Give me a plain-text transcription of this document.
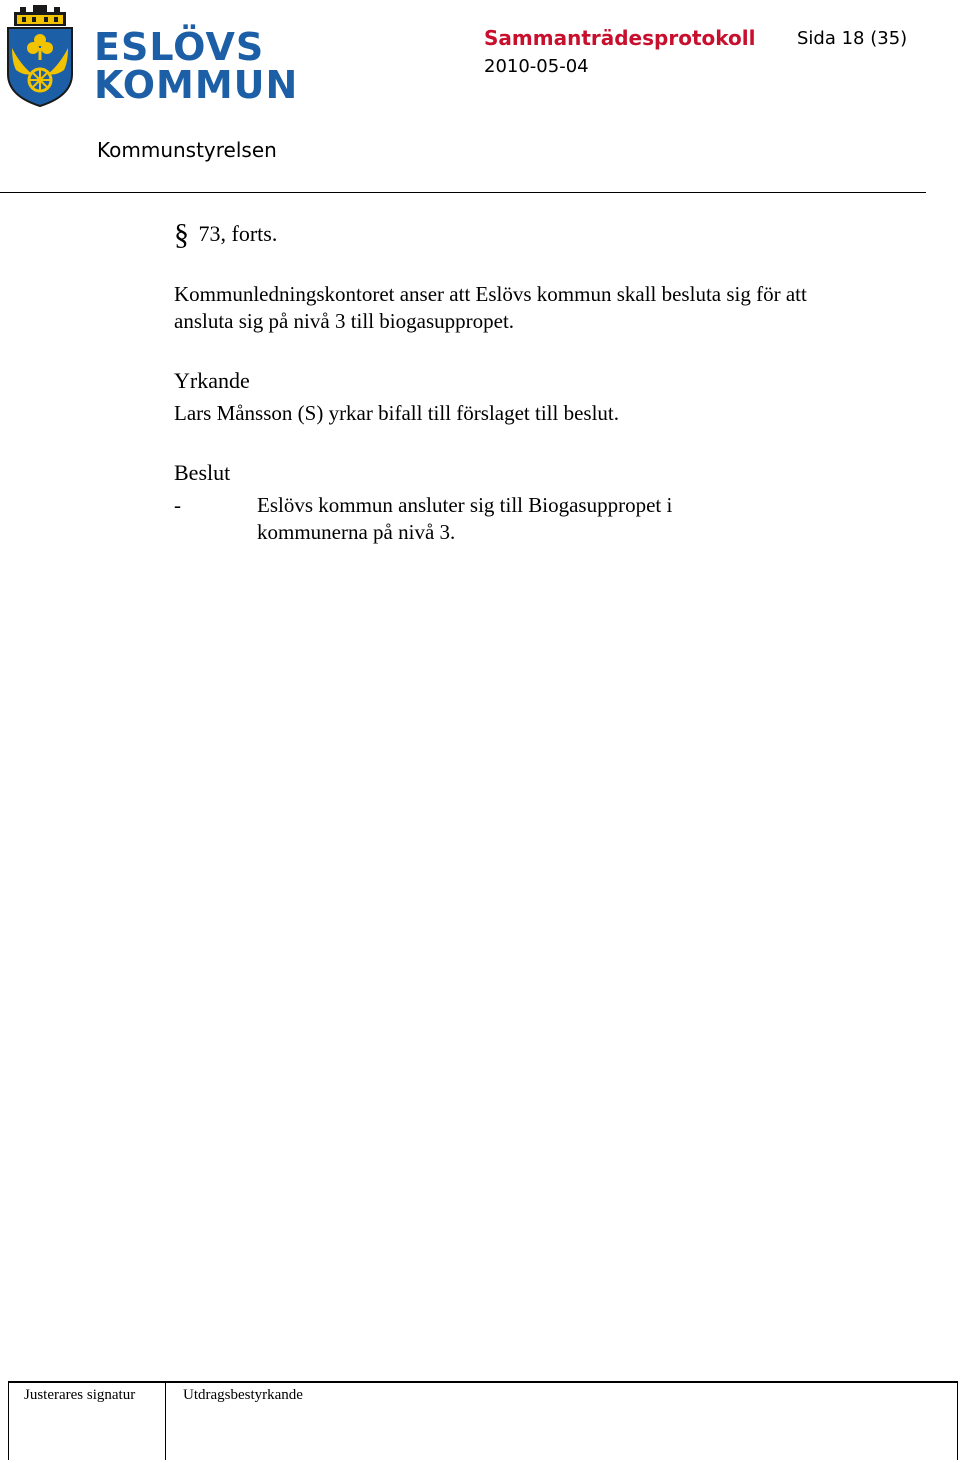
ESLÖVS
KOMMUN
Sammanträdesprotokoll
2010-05-04
Sida 18 (35)
Kommunstyrelsen
§ 73, forts.
Kommunledningskontoret anser att Eslövs kommun skall besluta sig för att ansluta sig på nivå 3 till biogasuppropet.
Yrkande
Lars Månsson (S) yrkar bifall till förslaget till beslut.
Beslut
-	Eslövs kommun ansluter sig till Biogasuppropet i kommunerna på nivå 3.
Justerares signatur	Utdragsbestyrkande
